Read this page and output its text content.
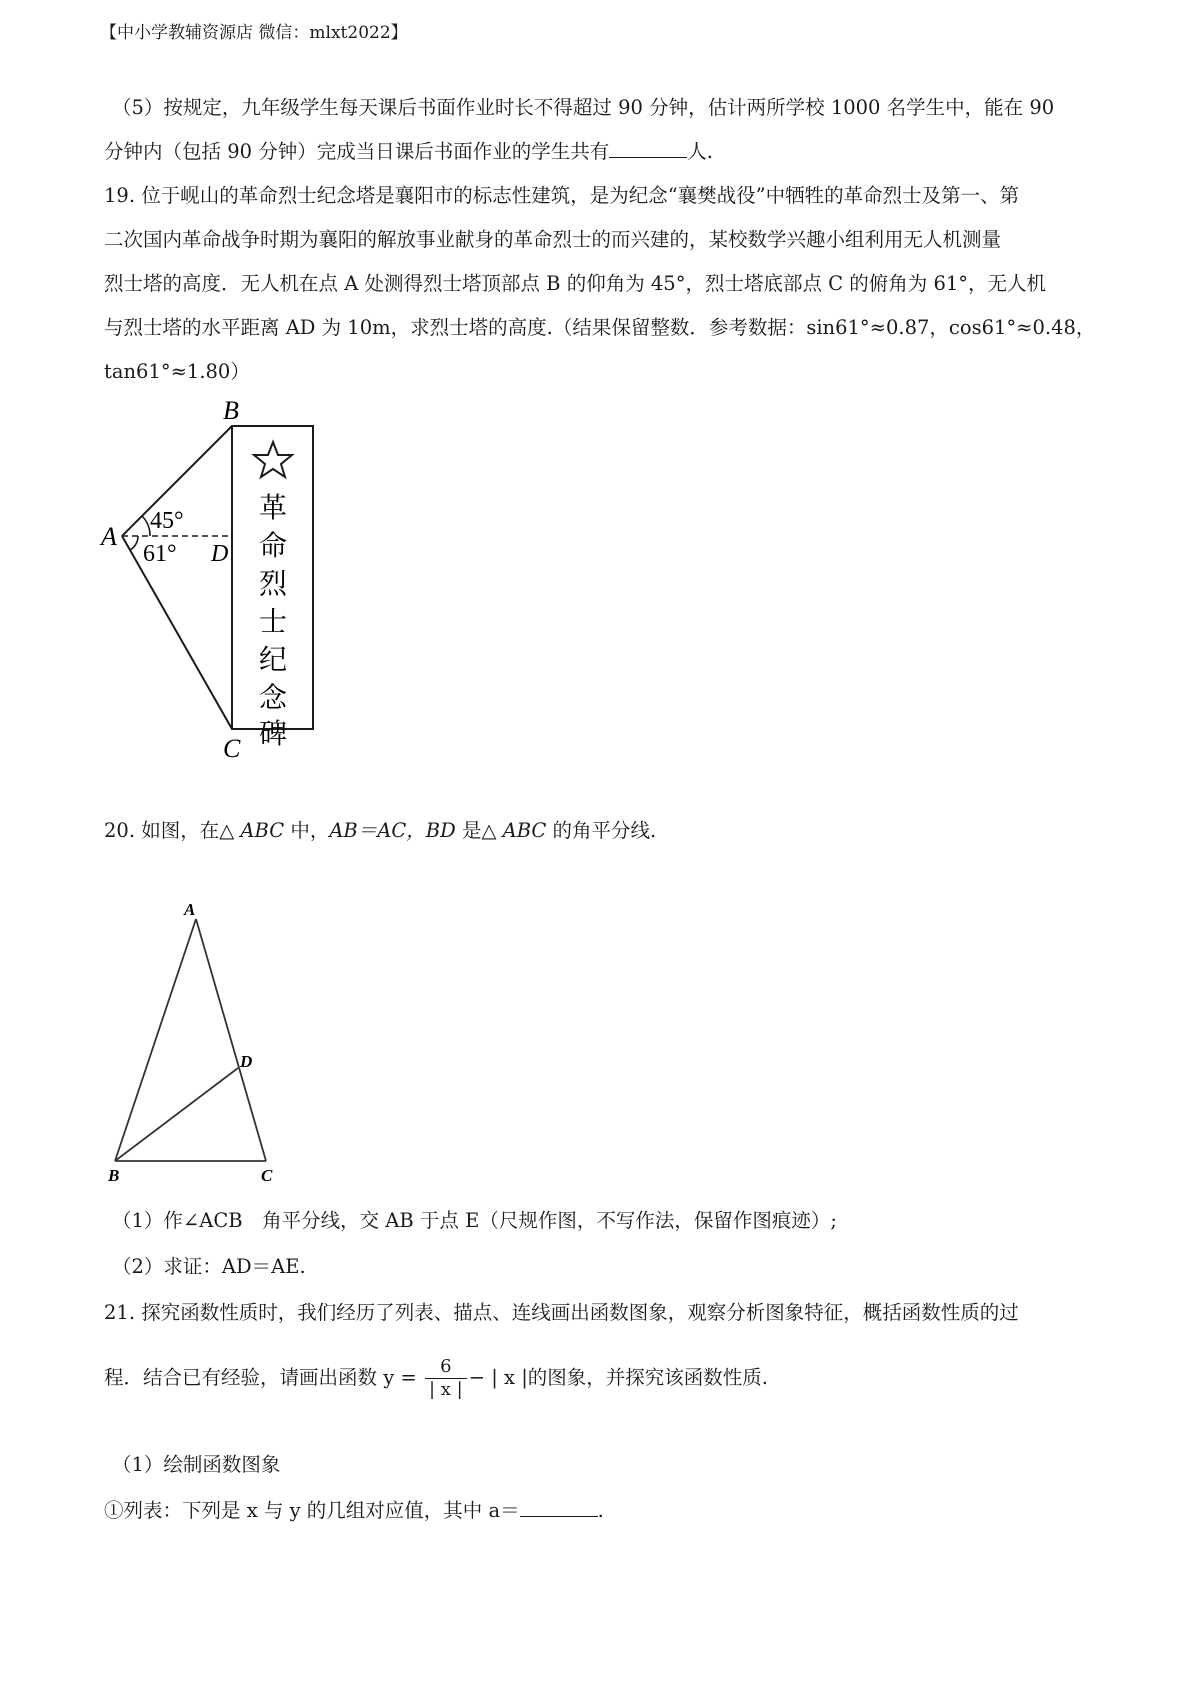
【中小学教辅资源店 微信：mlxt2022】
（5）按规定，九年级学生每天课后书面作业时长不得超过 90 分钟，估计两所学校 1000 名学生中，能在 90
分钟内（包括 90 分钟）完成当日课后书面作业的学生共有	人.
19. 位于岘山的革命烈士纪念塔是襄阳市的标志性建筑，是为纪念“襄樊战役”中牺牲的革命烈士及第一、第
二次国内革命战争时期为襄阳的解放事业献身的革命烈士的而兴建的，某校数学兴趣小组利用无人机测量
烈士塔的高度．无人机在点 A 处测得烈士塔顶部点 B 的仰角为 45°，烈士塔底部点 C 的俯角为 61°，无人机
与烈士塔的水平距离 AD 为 10m，求烈士塔的高度.（结果保留整数．参考数据：sin61°≈0.87，cos61°≈0.48，
tan61°≈1.80）
B
A
C
D
45°
61°
革
命
烈
士
纪
念
碑
20. 如图，在△ ABC 中，AB＝AC，BD 是△ ABC 的角平分线.
A
D
B	C
（1）作∠ACB　角平分线，交 AB 于点 E（尺规作图，不写作法，保留作图痕迹）;
（2）求证：AD＝AE.
21. 探究函数性质时，我们经历了列表、描点、连线画出函数图象，观察分析图象特征，概括函数性质的过
程．结合已有经验，请画出函数 $y = \frac{6}{| x |}$ − | x |的图象，并探究该函数性质.
（1）绘制函数图象
①列表：下列是 x 与 y 的几组对应值，其中 a＝	.
